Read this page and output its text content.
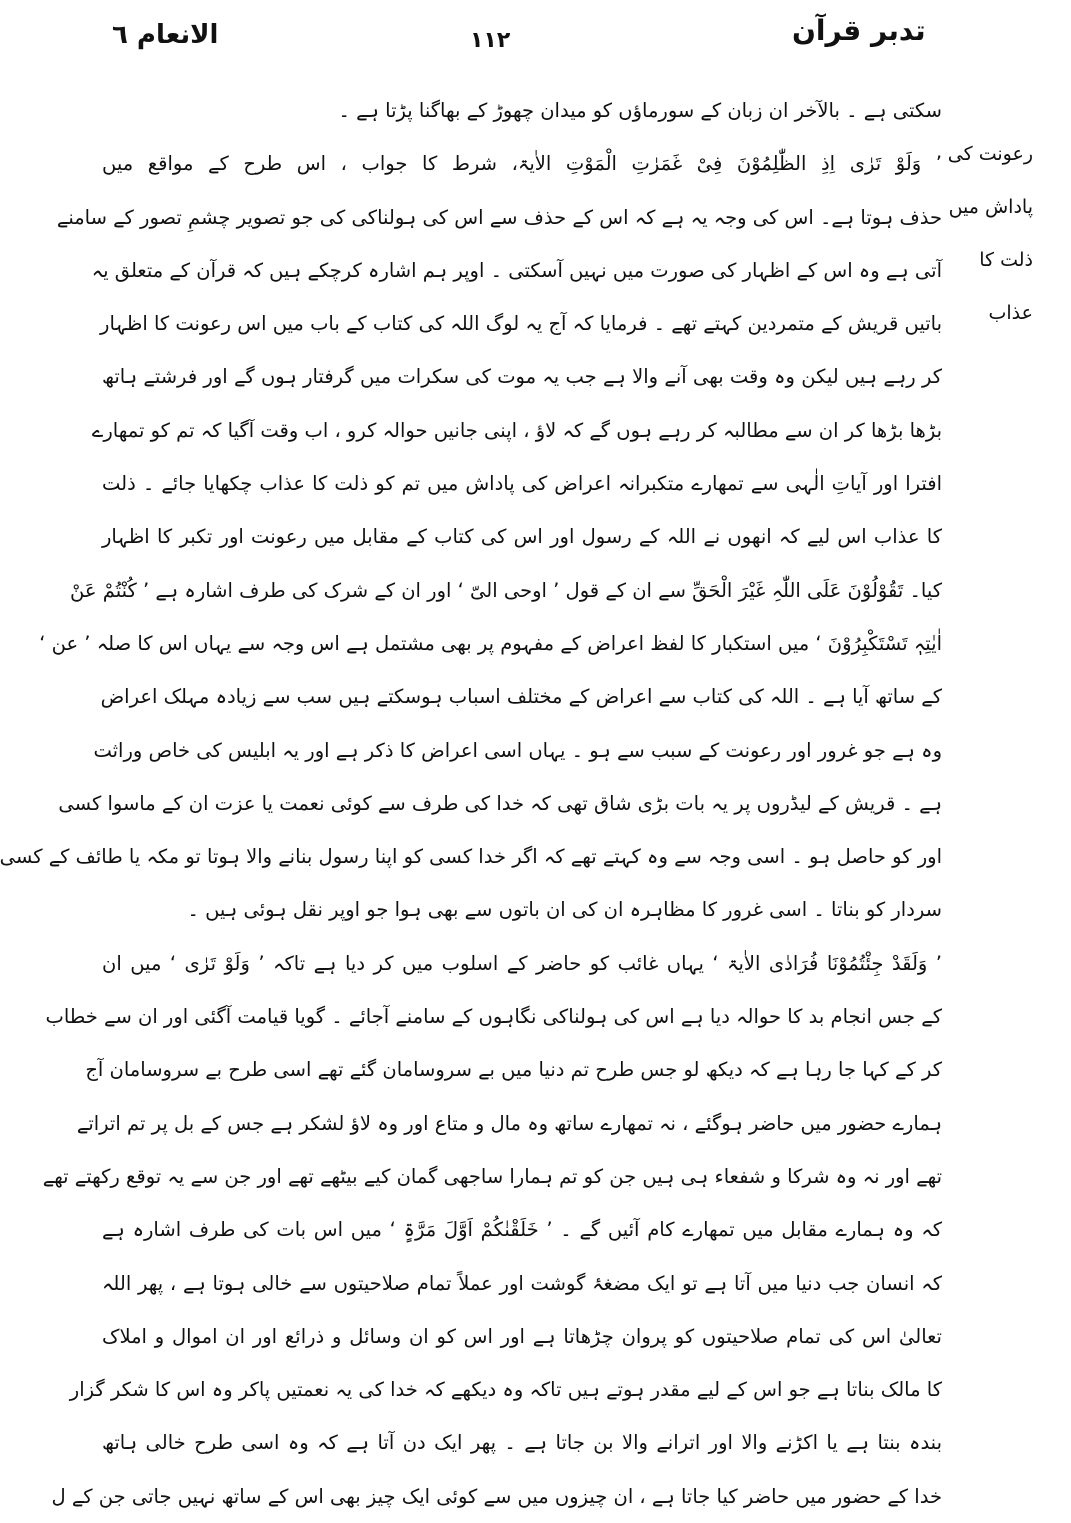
الانعام ٦	١١٢	تدبر قرآن
رعونت کی
پاداش میں
ذلت کا
عذاب
سکتی ہے ۔ بالآخر ان زبان کے سورماؤں کو میدان چھوڑ کے بھاگنا پڑتا ہے ۔
’ وَلَوْ تَرٰی اِذِ الظّٰلِمُوْنَ فِیْ غَمَرٰتِ الْمَوْتِ الاٰیۃ، شرط کا جواب ، اس طرح کے مواقع میں
حذف ہوتا ہے۔ اس کی وجہ یہ ہے کہ اس کے حذف سے اس کی ہولناکی کی جو تصویر چشمِ تصور کے سامنے
آتی ہے وہ اس کے اظہار کی صورت میں نہیں آسکتی ۔ اوپر ہم اشارہ کرچکے ہیں کہ قرآن کے متعلق یہ
باتیں قریش کے متمردین کہتے تھے ۔ فرمایا کہ آج یہ لوگ اللہ کی کتاب کے باب میں اس رعونت کا اظہار
کر رہے ہیں لیکن وہ وقت بھی آنے والا ہے جب یہ موت کی سکرات میں گرفتار ہوں گے اور فرشتے ہاتھ
بڑھا بڑھا کر ان سے مطالبہ کر رہے ہوں گے کہ لاؤ ، اپنی جانیں حوالہ کرو ، اب وقت آگیا کہ تم کو تمھارے
افترا اور آیاتِ الٰہی سے تمھارے متکبرانہ اعراض کی پاداش میں تم کو ذلت کا عذاب چکھایا جائے ۔ ذلت
کا عذاب اس لیے کہ انھوں نے اللہ کے رسول اور اس کی کتاب کے مقابل میں رعونت اور تکبر کا اظہار
کیا۔ تَقُوْلُوْنَ عَلَی اللّٰہِ غَیْرَ الْحَقِّ سے ان کے قول ’ اوحی الیّ ‘ اور ان کے شرک کی طرف اشارہ ہے ’ کُنْتُمْ عَنْ
اٰیٰتِہٖ تَسْتَکْبِرُوْنَ ‘ میں استکبار کا لفظ اعراض کے مفہوم پر بھی مشتمل ہے اس وجہ سے یہاں اس کا صلہ ’ عن ‘
کے ساتھ آیا ہے ۔ اللہ کی کتاب سے اعراض کے مختلف اسباب ہوسکتے ہیں سب سے زیادہ مہلک اعراض
وہ ہے جو غرور اور رعونت کے سبب سے ہو ۔ یہاں اسی اعراض کا ذکر ہے اور یہ ابلیس کی خاص وراثت
ہے ۔ قریش کے لیڈروں پر یہ بات بڑی شاق تھی کہ خدا کی طرف سے کوئی نعمت یا عزت ان کے ماسوا کسی
اور کو حاصل ہو ۔ اسی وجہ سے وہ کہتے تھے کہ اگر خدا کسی کو اپنا رسول بنانے والا ہوتا تو مکہ یا طائف کے کسی
سردار کو بناتا ۔ اسی غرور کا مظاہرہ ان کی ان باتوں سے بھی ہوا جو اوپر نقل ہوئی ہیں ۔
’ وَلَقَدْ جِئْتُمُوْنَا فُرَادٰی الاٰیۃ ‘ یہاں غائب کو حاضر کے اسلوب میں کر دیا ہے تاکہ ’ وَلَوْ تَرٰی ‘ میں ان
کے جس انجام بد کا حوالہ دیا ہے اس کی ہولناکی نگاہوں کے سامنے آجائے ۔ گویا قیامت آگئی اور ان سے خطاب
کر کے کہا جا رہا ہے کہ دیکھ لو جس طرح تم دنیا میں بے سروسامان گئے تھے اسی طرح بے سروسامان آج
ہمارے حضور میں حاضر ہوگئے ، نہ تمھارے ساتھ وہ مال و متاع اور وہ لاؤ لشکر ہے جس کے بل پر تم اتراتے
تھے اور نہ وہ شرکا و شفعاء ہی ہیں جن کو تم ہمارا ساجھی گمان کیے بیٹھے تھے اور جن سے یہ توقع رکھتے تھے
کہ وہ ہمارے مقابل میں تمھارے کام آئیں گے ۔ ’ خَلَقْنٰکُمْ اَوَّلَ مَرَّۃٍ ‘ میں اس بات کی طرف اشارہ ہے
کہ انسان جب دنیا میں آتا ہے تو ایک مضغۂ گوشت اور عملاً تمام صلاحیتوں سے خالی ہوتا ہے ، پھر اللہ
تعالیٰ اس کی تمام صلاحیتوں کو پروان چڑھاتا ہے اور اس کو ان وسائل و ذرائع اور ان اموال و املاک
کا مالک بناتا ہے جو اس کے لیے مقدر ہوتے ہیں تاکہ وہ دیکھے کہ خدا کی یہ نعمتیں پاکر وہ اس کا شکر گزار
بندہ بنتا ہے یا اکڑنے والا اور اترانے والا بن جاتا ہے ۔ پھر ایک دن آتا ہے کہ وہ اسی طرح خالی ہاتھ
خدا کے حضور میں حاضر کیا جاتا ہے ، ان چیزوں میں سے کوئی ایک چیز بھی اس کے ساتھ نہیں جاتی جن کے ل
